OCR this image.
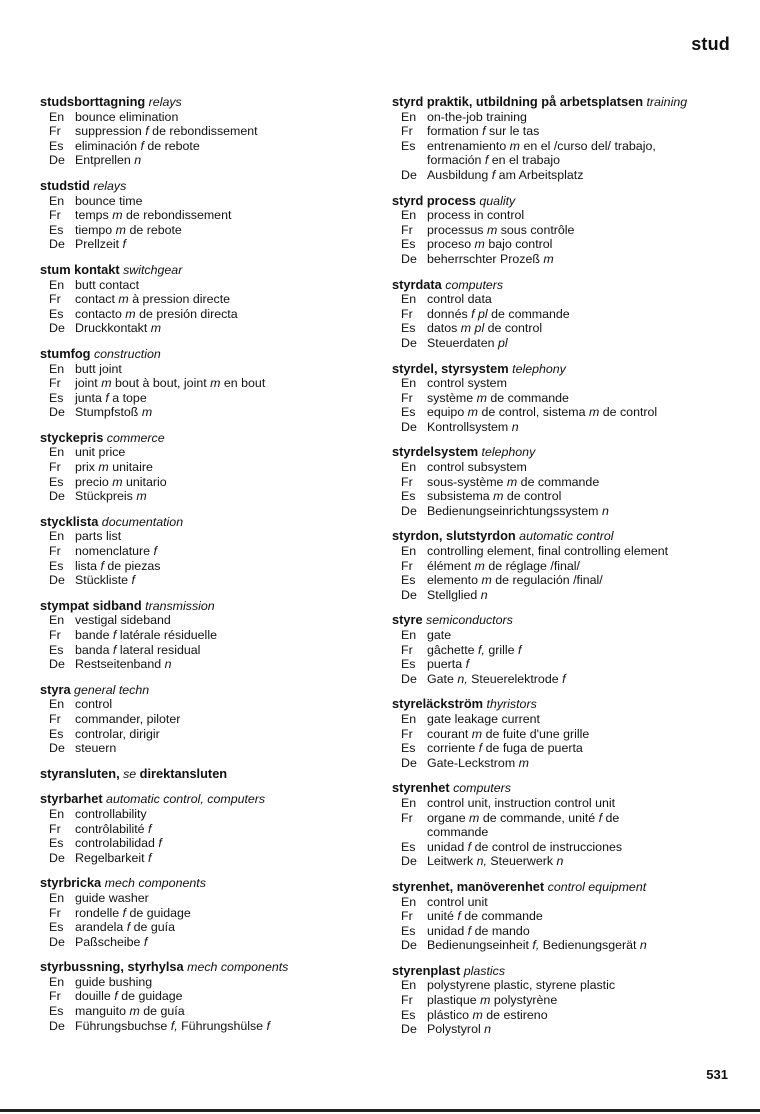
stud
studsborttagning relays
En bounce elimination
Fr	suppression f de rebondissement
Es eliminación f de rebote
De Entprellen n
studstid relays
En bounce time
Fr	temps m de rebondissement
Es tiempo m de rebote
De Prellzeit f
stum kontakt switchgear
En butt contact
Fr	contact m à pression directe
Es contacto m de presión directa
De Druckkontakt m
stumfog construction
En butt joint
Fr	joint m bout à bout, joint m en bout
Es junta f a tope
De Stumpfstoß m
styckepris commerce
En unit price
Fr	prix m unitaire
Es precio m unitario
De Stückpreis m
stycklista documentation
En parts list
Fr	nomenclature f
Es lista f de piezas
De Stückliste f
stympat sidband transmission
En vestigal sideband
Fr	bande f latérale résiduelle
Es banda f lateral residual
De Restseitenband n
styra general techn
En control
Fr	commander, piloter
Es controlar, dirigir
De steuern
styransluten, se direktansluten
styrbarhet automatic control, computers
En controllability
Fr	contrôlabilité f
Es controlabilidad f
De Regelbarkeit f
styrbricka mech components
En guide washer
Fr	rondelle f de guidage
Es arandela f de guía
De Paßscheibe f
styrbussning, styrhylsa mech components
En guide bushing
Fr	douille f de guidage
Es manguito m de guía
De Führungsbuchse f, Führungshülse f
styrd praktik, utbildning på arbetsplatsen training
En on-the-job training
Fr	formation f sur le tas
Es entrenamiento m en el /curso del/ trabajo,
formación f en el trabajo
De Ausbildung f am Arbeitsplatz
styrd process quality
En process in control
Fr	processus m sous contrôle
Es proceso m bajo control
De beherrschter Prozeß m
styrdata computers
En control data
Fr	donnés f pl de commande
Es datos m pl de control
De Steuerdaten pl
styrdel, styrsystem telephony
En control system
Fr	système m de commande
Es equipo m de control, sistema m de control
De Kontrollsystem n
styrdelsystem telephony
En control subsystem
Fr	sous-système m de commande
Es subsistema m de control
De Bedienungseinrichtungssystem n
styrdon, slutstyrdon automatic control
En controlling element, final controlling element
Fr	élément m de réglage /final/
Es elemento m de regulación /final/
De Stellglied n
styre semiconductors
En gate
Fr	gâchette f, grille f
Es puerta f
De Gate n, Steuerelektrode f
styreläckström thyristors
En gate leakage current
Fr	courant m de fuite d'une grille
Es corriente f de fuga de puerta
De Gate-Leckstrom m
styrenhet computers
En control unit, instruction control unit
Fr	organe m de commande, unité f de
commande
Es unidad f de control de instrucciones
De Leitwerk n, Steuerwerk n
styrenhet, manöverenhet control equipment
En control unit
Fr	unité f de commande
Es unidad f de mando
De Bedienungseinheit f, Bedienungsgerät n
styrenplast plastics
En polystyrene plastic, styrene plastic
Fr	plastique m polystyrène
Es plástico m de estireno
De Polystyrol n
531
